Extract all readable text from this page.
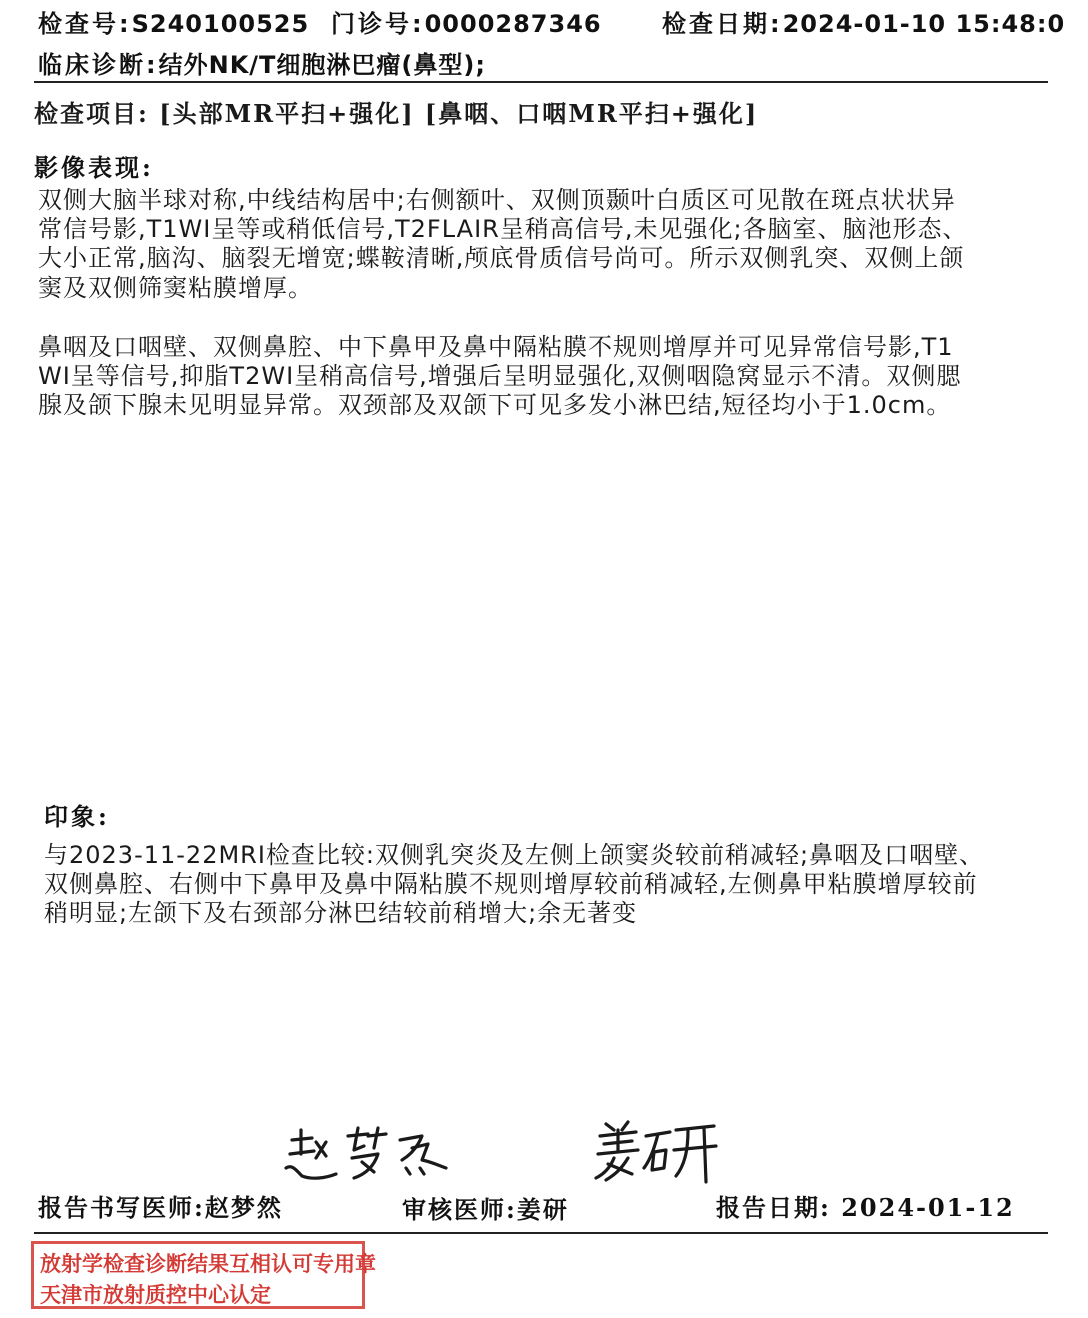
检查号:S240100525 门诊号:0000287346	检查日期:2024-01-10 15:48:0
临床诊断:结外NK/T细胞淋巴瘤(鼻型);
检查项目: [头部MR平扫+强化] [鼻咽、口咽MR平扫+强化]
影像表现:
双侧大脑半球对称,中线结构居中;右侧额叶、双侧顶颞叶白质区可见散在斑点状状异常信号影,T1WI呈等或稍低信号,T2FLAIR呈稍高信号,未见强化;各脑室、脑池形态、大小正常,脑沟、脑裂无增宽;蝶鞍清晰,颅底骨质信号尚可。所示双侧乳突、双侧上颌窦及双侧筛窦粘膜增厚。
鼻咽及口咽壁、双侧鼻腔、中下鼻甲及鼻中隔粘膜不规则增厚并可见异常信号影,T1WI呈等信号,抑脂T2WI呈稍高信号,增强后呈明显强化,双侧咽隐窝显示不清。双侧腮腺及颌下腺未见明显异常。双颈部及双颌下可见多发小淋巴结,短径均小于1.0cm。
印象:
与2023-11-22MRI检查比较:双侧乳突炎及左侧上颌窦炎较前稍减轻;鼻咽及口咽壁、双侧鼻腔、右侧中下鼻甲及鼻中隔粘膜不规则增厚较前稍减轻,左侧鼻甲粘膜增厚较前稍明显;左颌下及右颈部分淋巴结较前稍增大;余无著变
报告书写医师:赵梦然	审核医师:姜研	报告日期: 2024-01-12
放射学检查诊断结果互相认可专用章
天津市放射质控中心认定
